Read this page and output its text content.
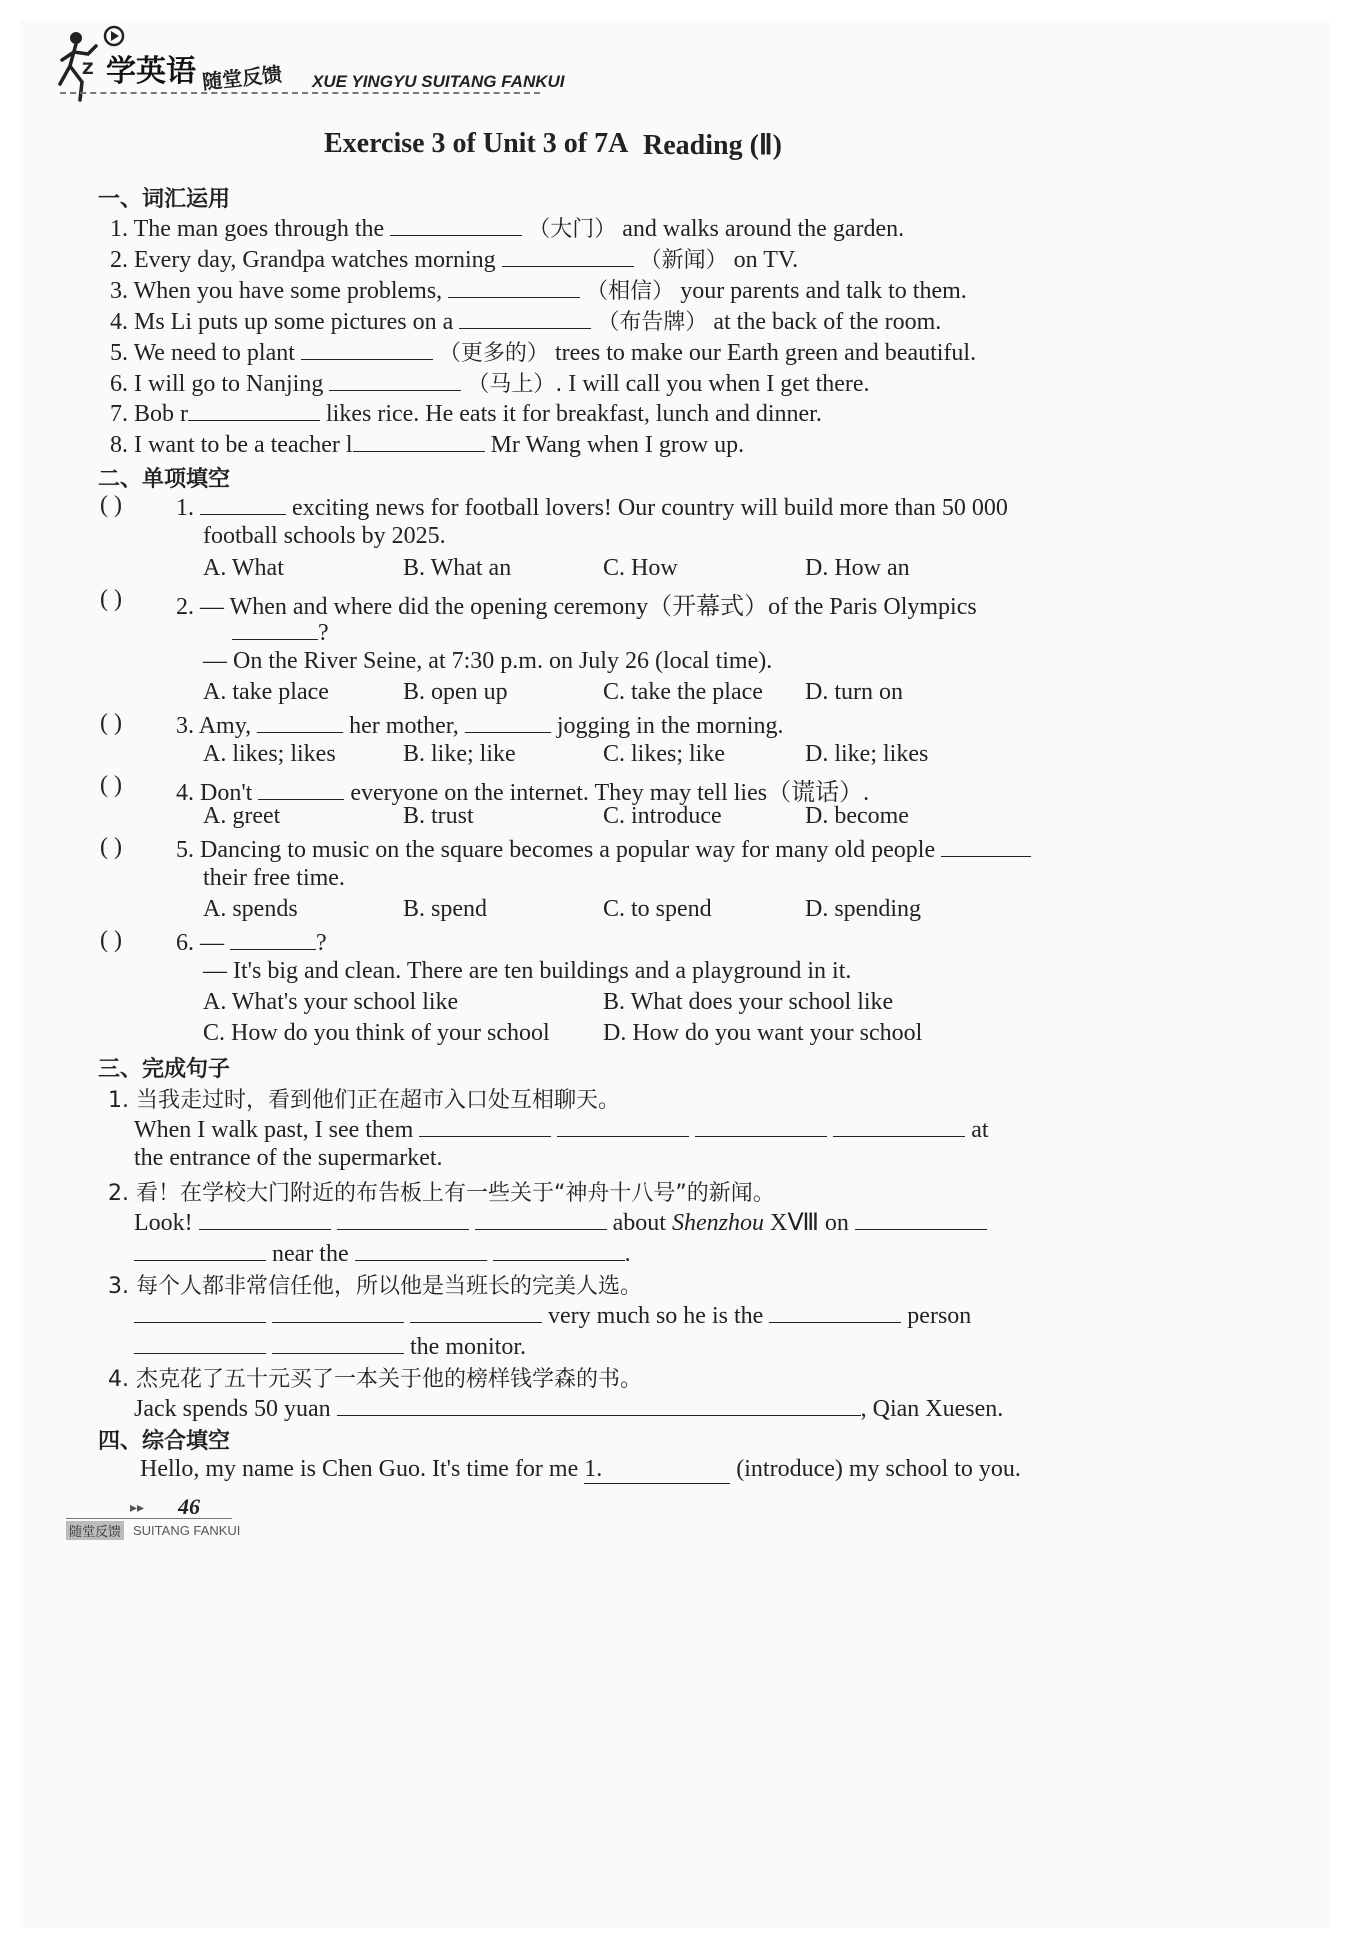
Z 学英语 随堂反馈 XUE YINGYU SUITANG FANKUI
Exercise 3 of Unit 3 of 7A Reading (Ⅱ)
一、词汇运用
1. The man goes through the	（大门） and walks around the garden.
2. Every day, Grandpa watches morning	（新闻） on TV.
3. When you have some problems,	（相信） your parents and talk to them.
4. Ms Li puts up some pictures on a	（布告牌） at the back of the room.
5. We need to plant	（更多的） trees to make our Earth green and beautiful.
6. I will go to Nanjing	（马上）. I will call you when I get there.
7. Bob r	likes rice. He eats it for breakfast, lunch and dinner.
8. I want to be a teacher l	Mr Wang when I grow up.
二、单项填空
( ) 1.	exciting news for football lovers! Our country will build more than 50 000
football schools by 2025.
A. What	B. What an	C. How	D. How an
( ) 2. — When and where did the opening ceremony（开幕式）of the Paris Olympics
?
— On the River Seine, at 7:30 p.m. on July 26 (local time).
A. take place	B. open up	C. take the place D. turn on
( ) 3. Amy,	her mother,	jogging in the morning.
A. likes; likes	B. like; like	C. likes; like	D. like; likes
( ) 4. Don't	everyone on the internet. They may tell lies（谎话）.
A. greet	B. trust	C. introduce	D. become
( ) 5. Dancing to music on the square becomes a popular way for many old people
their free time.
A. spends	B. spend	C. to spend	D. spending
( ) 6. —	?
— It's big and clean. There are ten buildings and a playground in it.
A. What's your school like	B. What does your school like
C. How do you think of your school D. How do you want your school
三、完成句子
1. 当我走过时，看到他们正在超市入口处互相聊天。
When I walk past, I see them	at
the entrance of the supermarket.
2. 看！在学校大门附近的布告板上有一些关于“神舟十八号”的新闻。
Look!	about Shenzhou XⅧ on
near the	.
3. 每个人都非常信任他，所以他是当班长的完美人选。
very much so he is the	person
the monitor.
4. 杰克花了五十元买了一本关于他的榜样钱学森的书。
Jack spends 50 yuan	, Qian Xuesen.
四、综合填空
Hello, my name is Chen Guo. It's time for me 1.	(introduce) my school to you.
▸▸ 46
随堂反馈 SUITANG FANKUI
